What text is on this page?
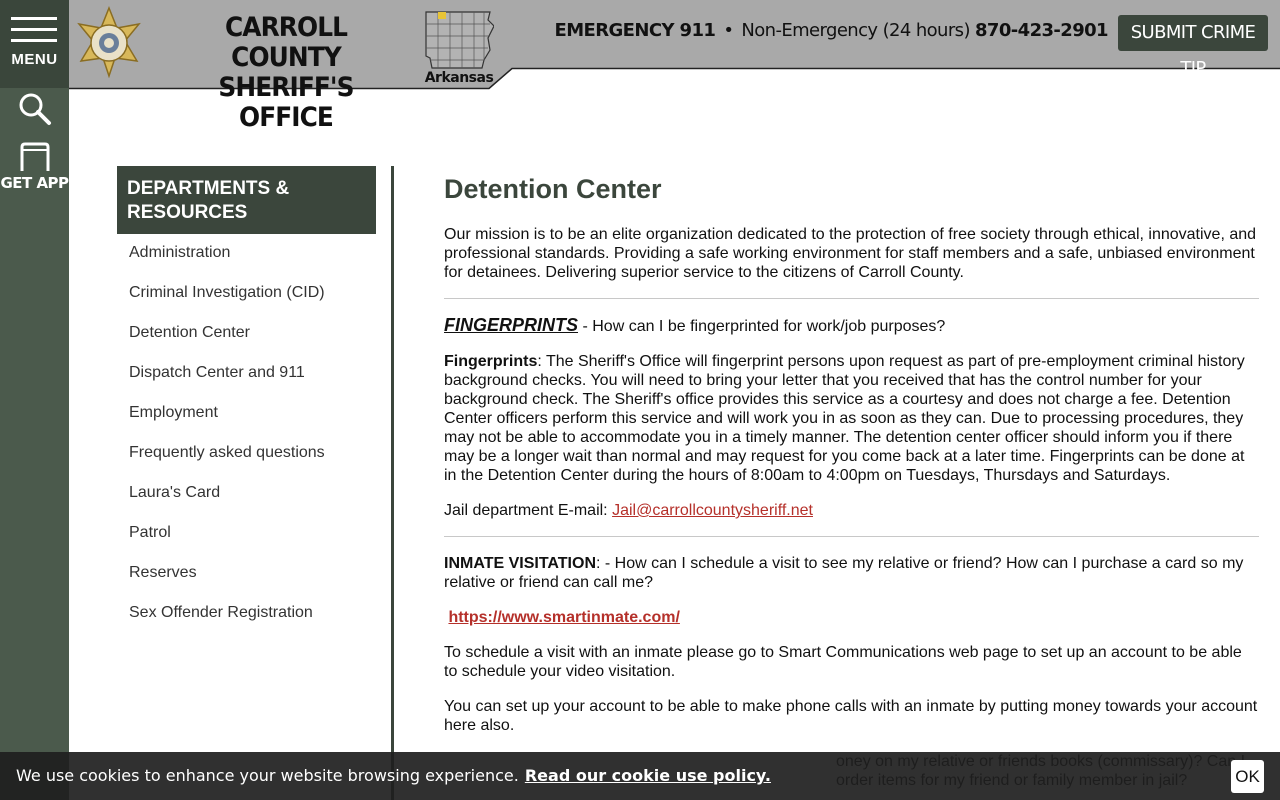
MENU
GET APP
CARROLL COUNTY
SHERIFF'S OFFICE
Arkansas
EMERGENCY 911 • Non-Emergency (24 hours) 870-423-2901	SUBMIT CRIME TIP
DEPARTMENTS & RESOURCES
Administration
Criminal Investigation (CID)
Detention Center
Dispatch Center and 911
Employment
Frequently asked questions
Laura's Card
Patrol
Reserves
Sex Offender Registration
Detention Center

Our mission is to be an elite organization dedicated to the protection of free society through ethical, innovative, and professional standards. Providing a safe working environment for staff members and a safe, unbiased environment for detainees. Delivering superior service to the citizens of Carroll County.

FINGERPRINTS - How can I be fingerprinted for work/job purposes?

Fingerprints: The Sheriff's Office will fingerprint persons upon request as part of pre-employment criminal history background checks. You will need to bring your letter that you received that has the control number for your background check. The Sheriff's office provides this service as a courtesy and does not charge a fee. Detention Center officers perform this service and will work you in as soon as they can. Due to processing procedures, they may not be able to accommodate you in a timely manner. The detention center officer should inform you if there may be a longer wait than normal and may request for you come back at a later time. Fingerprints can be done at in the Detention Center during the hours of 8:00am to 4:00pm on Tuesdays, Thursdays and Saturdays.

Jail department E-mail: Jail@carrollcountysheriff.net

INMATE VISITATION: - How can I schedule a visit to see my relative or friend? How can I purchase a card so my relative or friend can call me?

https://www.smartinmate.com/

To schedule a visit with an inmate please go to Smart Communications web page to set up an account to be able to schedule your video visitation.

You can set up your account to be able to make phone calls with an inmate by putting money towards your account here also.

We use cookies to enhance your website browsing experience. Read our cookie use policy.	OK
